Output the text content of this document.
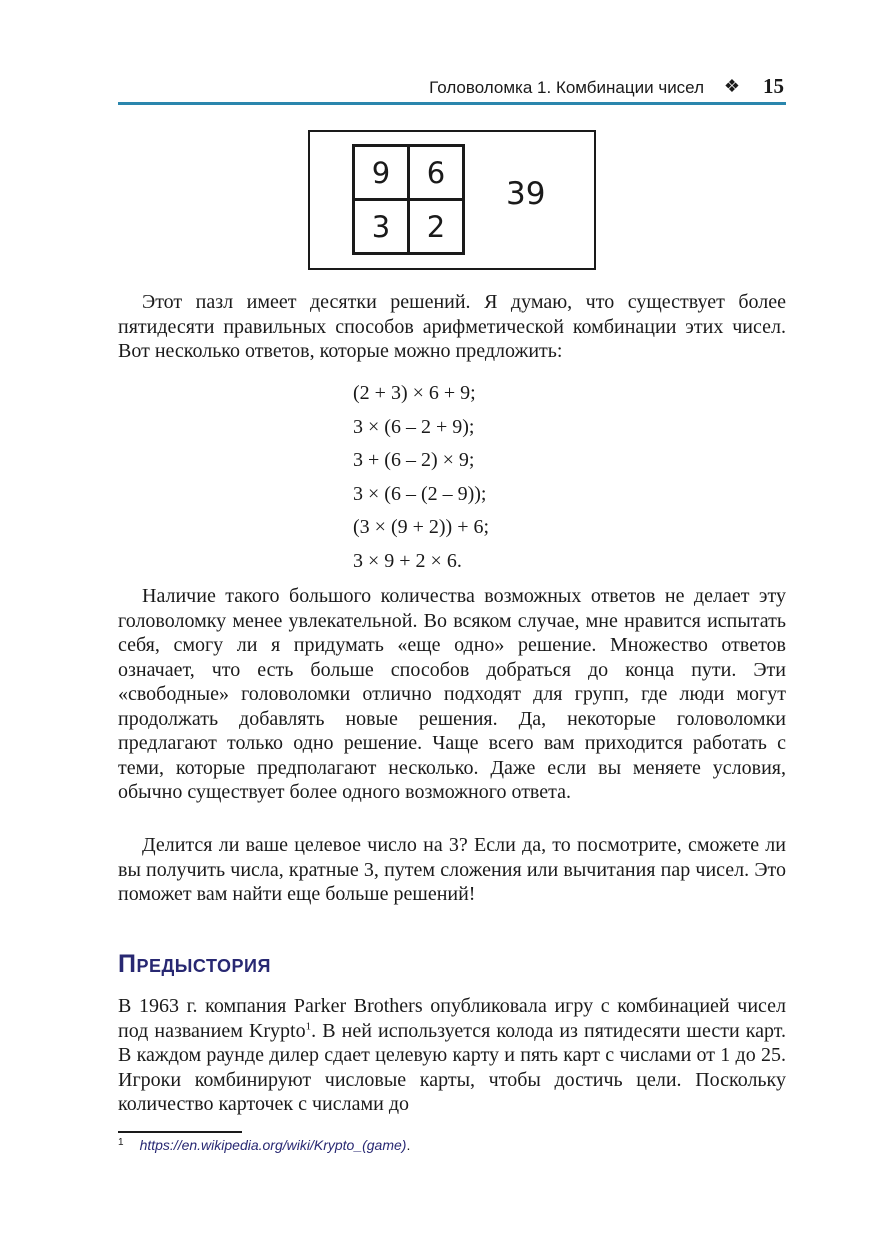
Головоломка 1. Комбинации чисел ❖ 15
9	6
3	2
39

Этот пазл имеет десятки решений. Я думаю, что существует более пятидесяти правильных способов арифметической комбинации этих чисел. Вот несколько ответов, которые можно предложить:

(2 + 3) × 6 + 9;
3 × (6 – 2 + 9);
3 + (6 – 2) × 9;
3 × (6 – (2 – 9));
(3 × (9 + 2)) + 6;
3 × 9 + 2 × 6.

Наличие такого большого количества возможных ответов не делает эту головоломку менее увлекательной. Во всяком случае, мне нравится испытать себя, смогу ли я придумать «еще одно» решение. Множество ответов означает, что есть больше способов добраться до конца пути. Эти «свободные» головоломки отлично подходят для групп, где люди могут продолжать добавлять новые решения. Да, некоторые головоломки предлагают только одно решение. Чаще всего вам приходится работать с теми, которые предполагают несколько. Даже если вы меняете условия, обычно существует более одного возможного ответа.

Делится ли ваше целевое число на 3? Если да, то посмотрите, сможете ли вы получить числа, кратные 3, путем сложения или вычитания пар чисел. Это поможет вам найти еще больше решений!

Предыстория

В 1963 г. компания Parker Brothers опубликовала игру с комбинацией чисел под названием Krypto$^1$. В ней используется колода из пятидесяти шести карт. В каждом раунде дилер сдает целевую карту и пять карт с числами от 1 до 25. Игроки комбинируют числовые карты, чтобы достичь цели. Поскольку количество карточек с числами до

$^1$ https://en.wikipedia.org/wiki/Krypto_(game).
